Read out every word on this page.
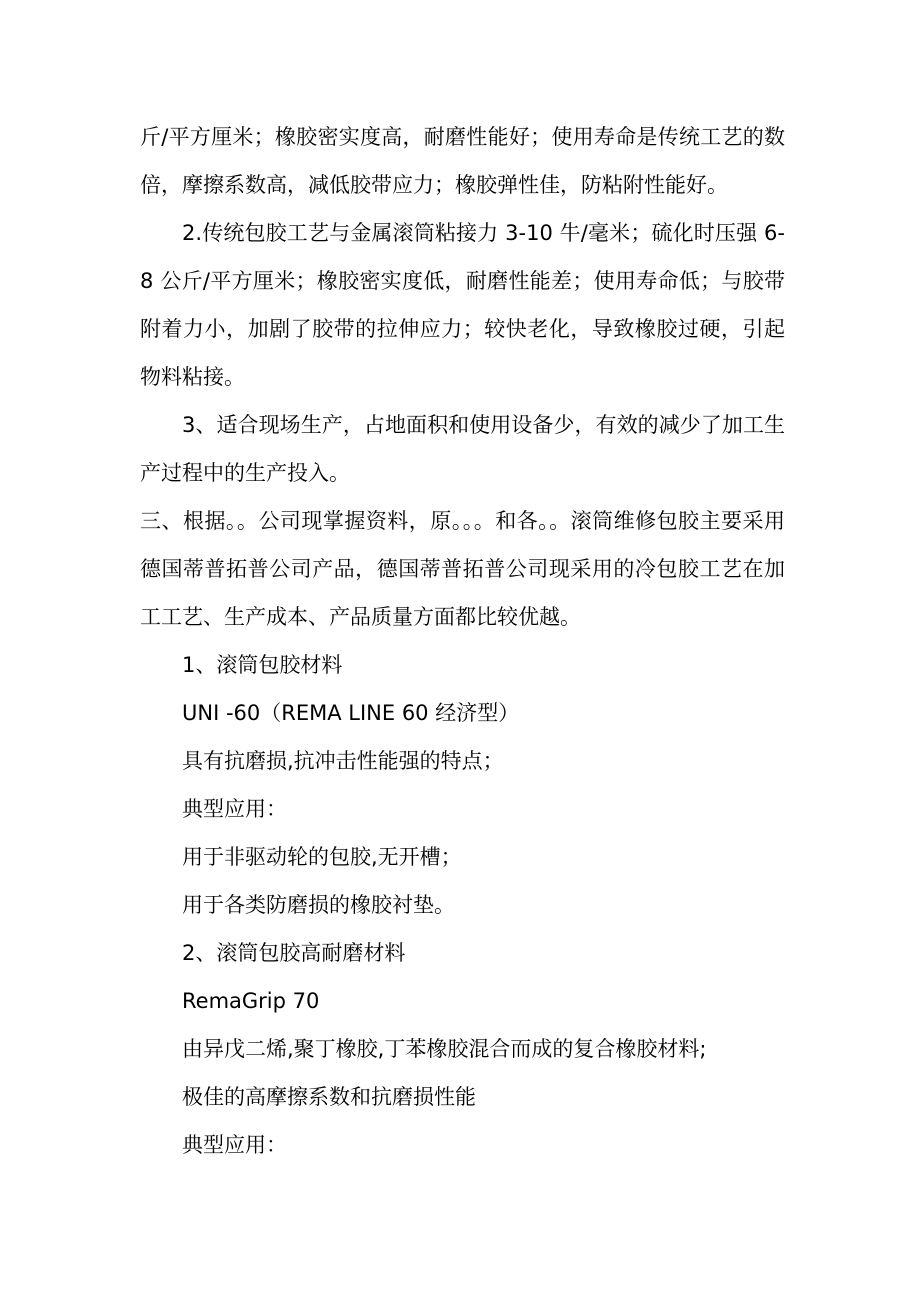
斤/平方厘米；橡胶密实度高，耐磨性能好；使用寿命是传统工艺的数倍，摩擦系数高，减低胶带应力；橡胶弹性佳，防粘附性能好。

2.传统包胶工艺与金属滚筒粘接力 3-10 牛/毫米；硫化时压强 6-8 公斤/平方厘米；橡胶密实度低，耐磨性能差；使用寿命低；与胶带附着力小，加剧了胶带的拉伸应力；较快老化，导致橡胶过硬，引起物料粘接。

3、适合现场生产，占地面积和使用设备少，有效的减少了加工生产过程中的生产投入。

三、根据。。公司现掌握资料，原。。。和各。。滚筒维修包胶主要采用德国蒂普拓普公司产品，德国蒂普拓普公司现采用的冷包胶工艺在加工工艺、生产成本、产品质量方面都比较优越。

1、滚筒包胶材料

UNI -60（REMA LINE 60 经济型）

具有抗磨损,抗冲击性能强的特点；

典型应用：

用于非驱动轮的包胶,无开槽；

用于各类防磨损的橡胶衬垫。

2、滚筒包胶高耐磨材料

RemaGrip 70

由异戊二烯,聚丁橡胶,丁苯橡胶混合而成的复合橡胶材料;

极佳的高摩擦系数和抗磨损性能

典型应用：
